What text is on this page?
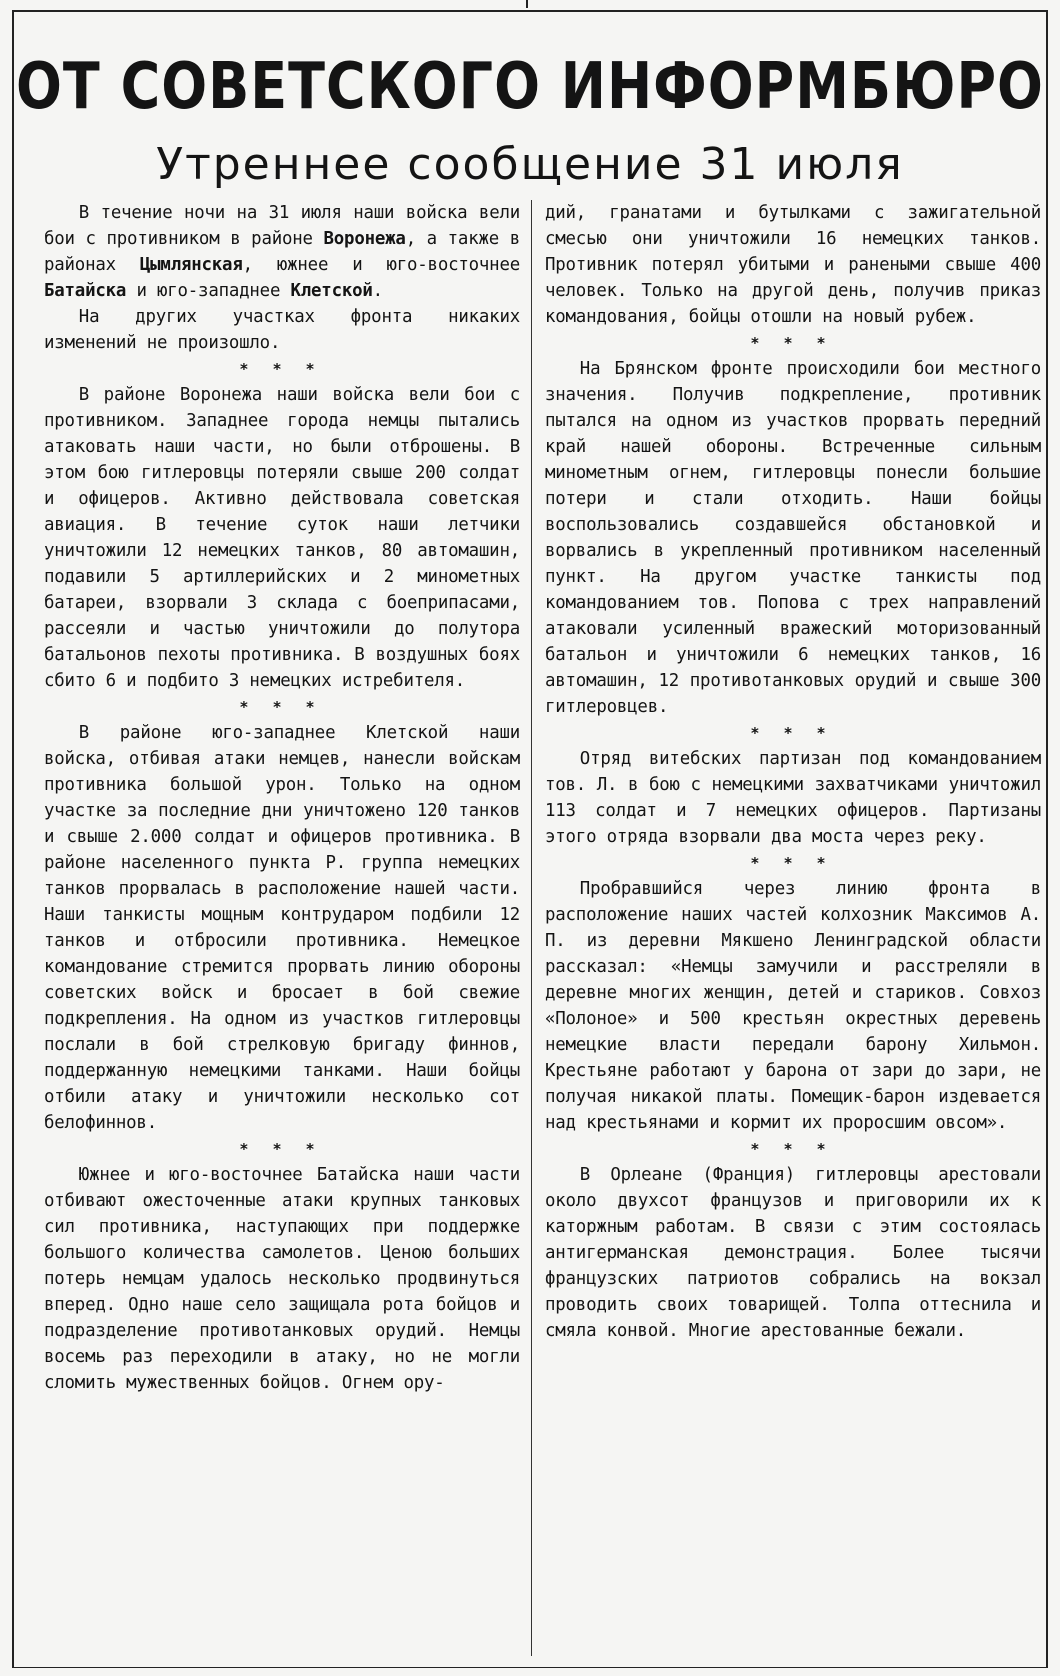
ОТ СОВЕТСКОГО ИНФОРМБЮРО
Утреннее сообщение 31 июля

В течение ночи на 31 июля наши войска вели бои с противником в районе Воронежа, а также в районах Цымлянская, южнее и юго-восточнее Батайска и юго-западнее Клетской.

На других участках фронта никаких изменений не произошло.

* * *

В районе Воронежа наши войска вели бои с противником. Западнее города немцы пытались атаковать наши части, но были отброшены. В этом бою гитлеровцы потеряли свыше 200 солдат и офицеров. Активно действовала советская авиация. В течение суток наши летчики уничтожили 12 немецких танков, 80 автомашин, подавили 5 артиллерийских и 2 минометных батареи, взорвали 3 склада с боеприпасами, рассеяли и частью уничтожили до полутора батальонов пехоты противника. В воздушных боях сбито 6 и подбито 3 немецких истребителя.

* * *

В районе юго-западнее Клетской наши войска, отбивая атаки немцев, нанесли войскам противника большой урон. Только на одном участке за последние дни уничтожено 120 танков и свыше 2.000 солдат и офицеров противника. В районе населенного пункта Р. группа немецких танков прорвалась в расположение нашей части. Наши танкисты мощным контрударом подбили 12 танков и отбросили противника. Немецкое командование стремится прорвать линию обороны советских войск и бросает в бой свежие подкрепления. На одном из участков гитлеровцы послали в бой стрелковую бригаду финнов, поддержанную немецкими танками. Наши бойцы отбили атаку и уничтожили несколько сот белофиннов.

* * *

Южнее и юго-восточнее Батайска наши части отбивают ожесточенные атаки крупных танковых сил противника, наступающих при поддержке большого количества самолетов. Ценою больших потерь немцам удалось несколько продвинуться вперед. Одно наше село защищала рота бойцов и подразделение противотанковых орудий. Немцы восемь раз переходили в атаку, но не могли сломить мужественных бойцов. Огнем ору-

дий, гранатами и бутылками с зажигательной смесью они уничтожили 16 немецких танков. Противник потерял убитыми и ранеными свыше 400 человек. Только на другой день, получив приказ командования, бойцы отошли на новый рубеж.

* * *

На Брянском фронте происходили бои местного значения. Получив подкрепление, противник пытался на одном из участков прорвать передний край нашей обороны. Встреченные сильным минометным огнем, гитлеровцы понесли большие потери и стали отходить. Наши бойцы воспользовались создавшейся обстановкой и ворвались в укрепленный противником населенный пункт. На другом участке танкисты под командованием тов. Попова с трех направлений атаковали усиленный вражеский моторизованный батальон и уничтожили 6 немецких танков, 16 автомашин, 12 противотанковых орудий и свыше 300 гитлеровцев.

* * *

Отряд витебских партизан под командованием тов. Л. в бою с немецкими захватчиками уничтожил 113 солдат и 7 немецких офицеров. Партизаны этого отряда взорвали два моста через реку.

* * *

Пробравшийся через линию фронта в расположение наших частей колхозник Максимов А. П. из деревни Мякшено Ленинградской области рассказал: «Немцы замучили и расстреляли в деревне многих женщин, детей и стариков. Совхоз «Полоное» и 500 крестьян окрестных деревень немецкие власти передали барону Хильмон. Крестьяне работают у барона от зари до зари, не получая никакой платы. Помещик-барон издевается над крестьянами и кормит их проросшим овсом».

* * *

В Орлеане (Франция) гитлеровцы арестовали около двухсот французов и приговорили их к каторжным работам. В связи с этим состоялась антигерманская демонстрация. Более тысячи французских патриотов собрались на вокзал проводить своих товарищей. Толпа оттеснила и смяла конвой. Многие арестованные бежали.
